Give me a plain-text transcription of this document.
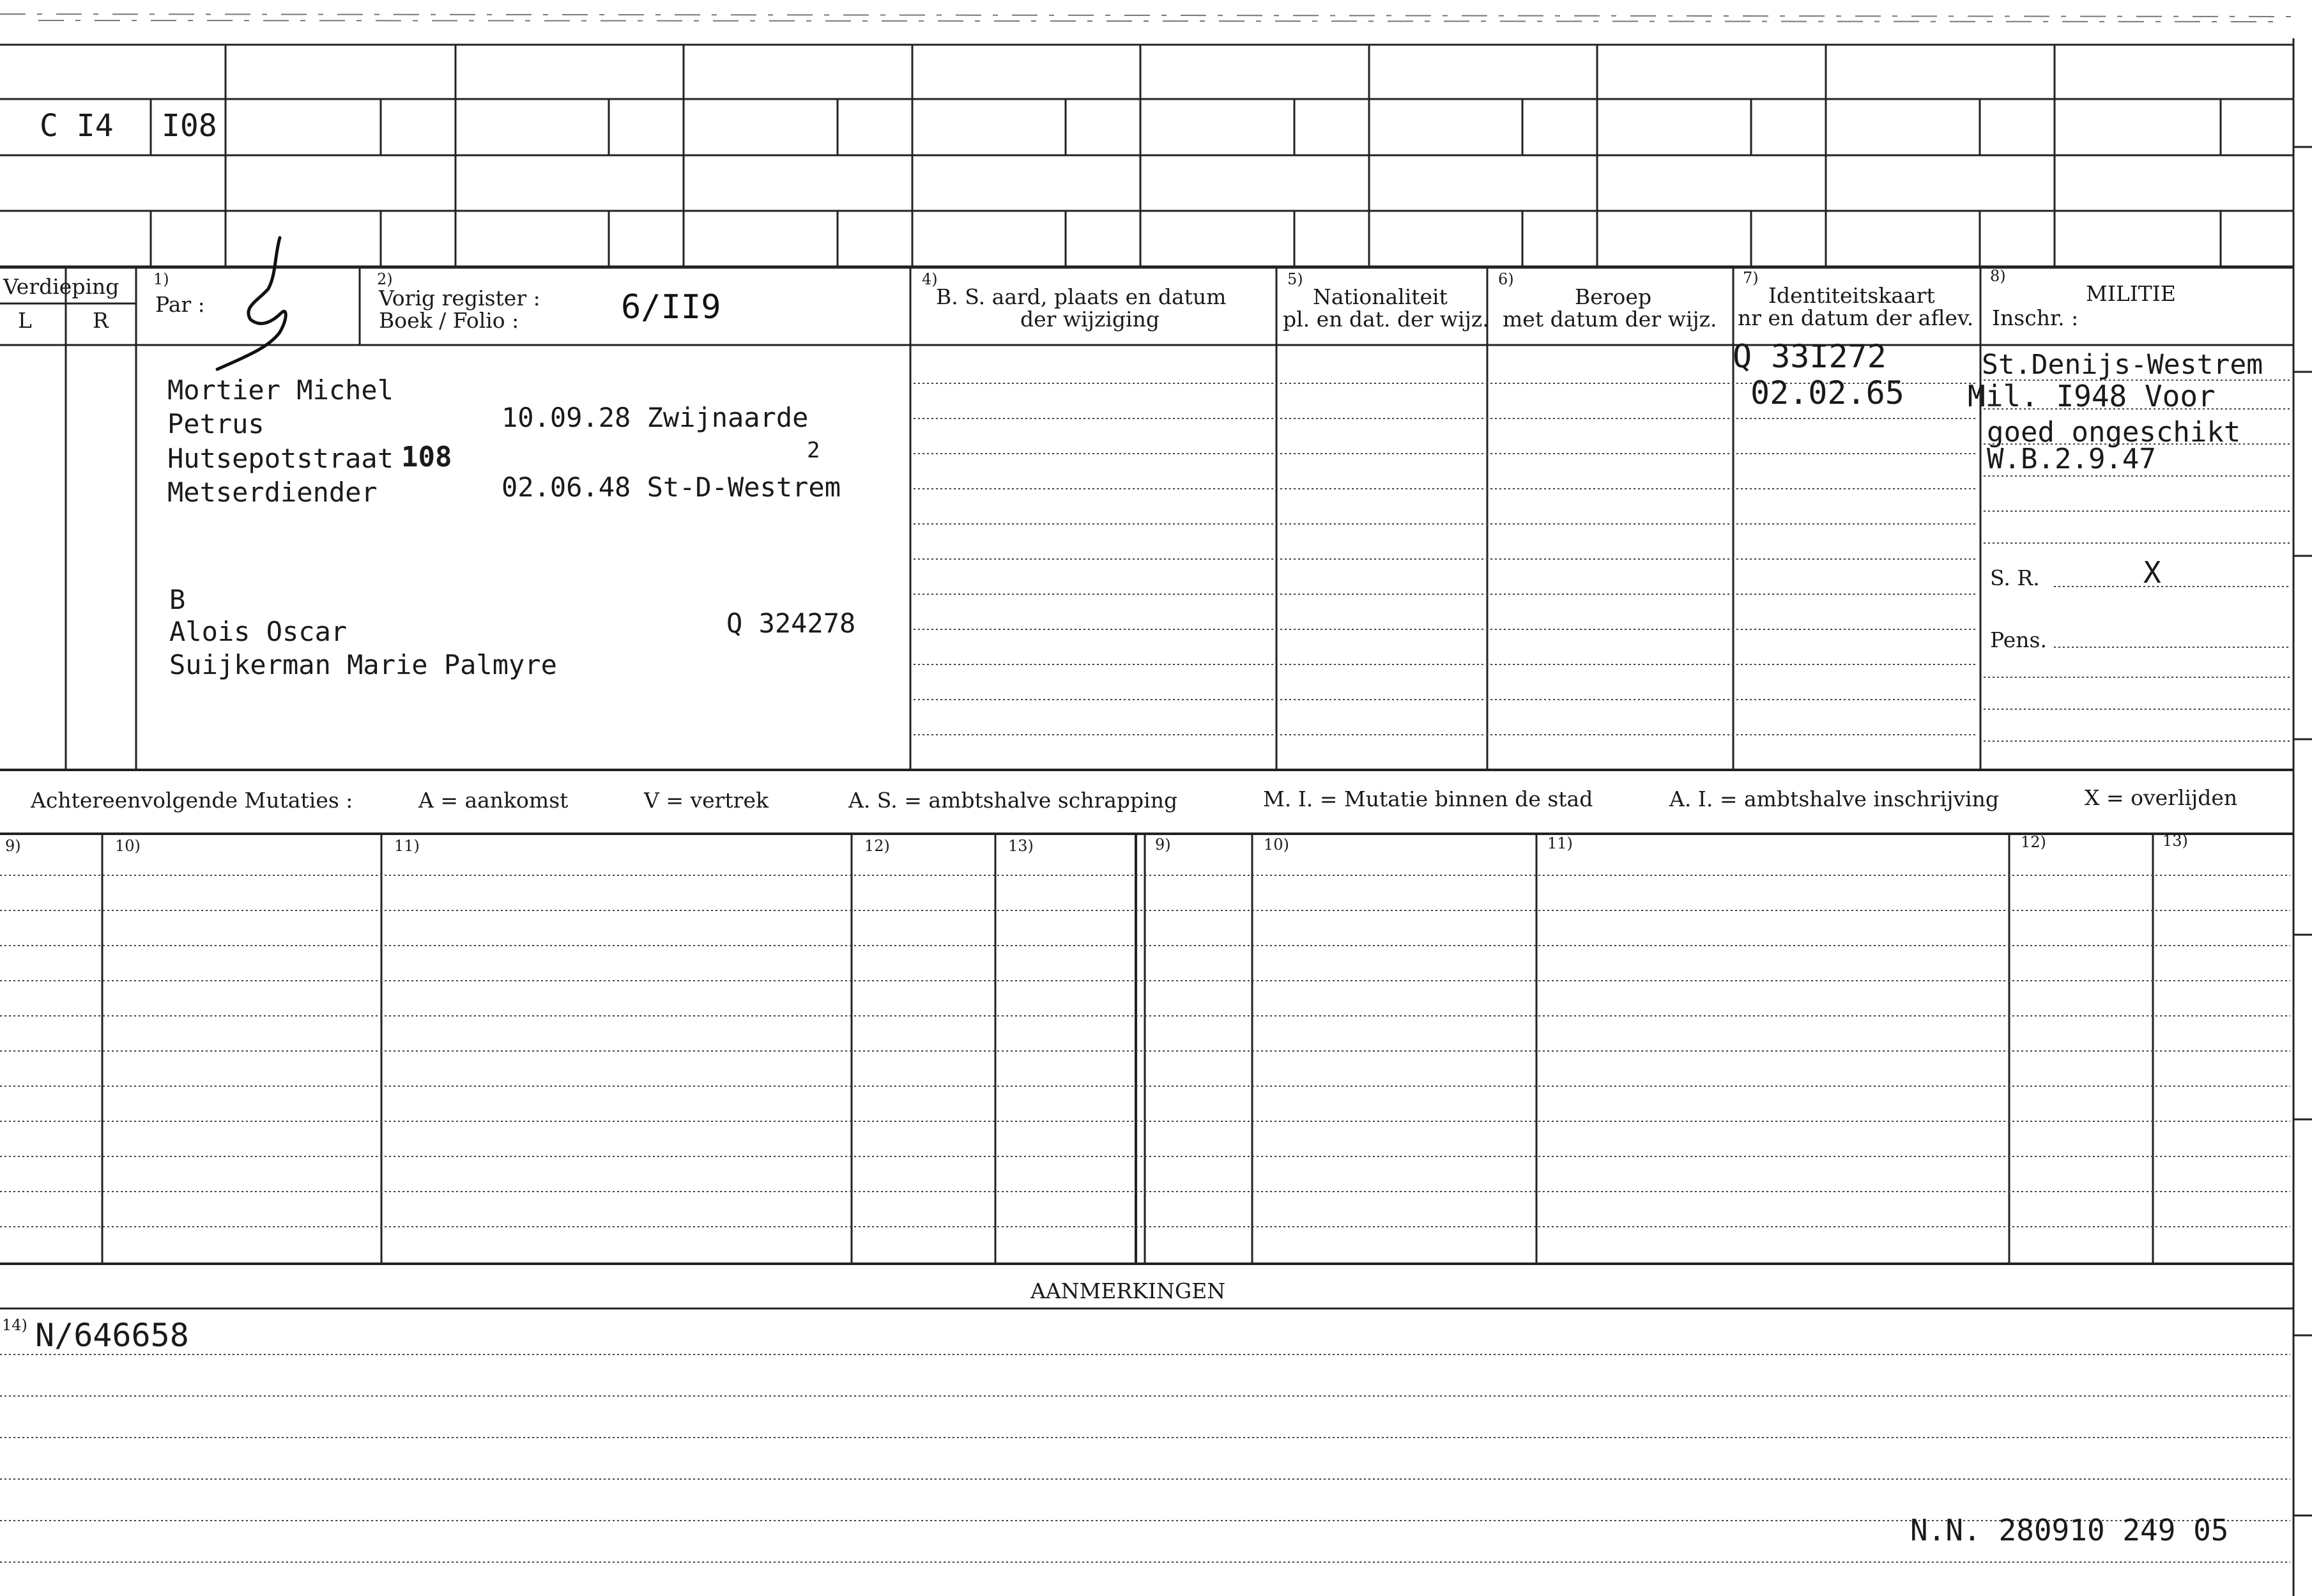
C I4 I08
Verdieping
L	R
1)
Par :
2)
Vorig register :
Boek / Folio :	6/II9
4)
B. S. aard, plaats en datum
der wijziging
5)
Nationaliteit
pl. en dat. der wijz.
6)
Beroep
met datum der wijz.
7)
Identiteitskaart
nr en datum der aflev.
8)
MILITIE
Inschr. :
Mortier Michel
Petrus	10.09.28 Zwijnaarde
Hutsepotstraat 108	2
Metserdiender	02.06.48 St-D-Westrem
B
Alois Oscar	Q 324278
Suijkerman Marie Palmyre
Q 33I272
02.02.65
St.Denijs-Westrem
Mil. I948 Voor
goed ongeschikt
W.B.2.9.47
S. R.	X
Pens.
Achtereenvolgende Mutaties :	A = aankomst	V = vertrek	A. S. = ambtshalve schrapping	M. I. = Mutatie binnen de stad	A. I. = ambtshalve inschrijving	X = overlijden
9)	10)	11)	12)	13)	9)	10)	11)	12)	13)
AANMERKINGEN
14) N/646658
N.N. 280910 249 05
